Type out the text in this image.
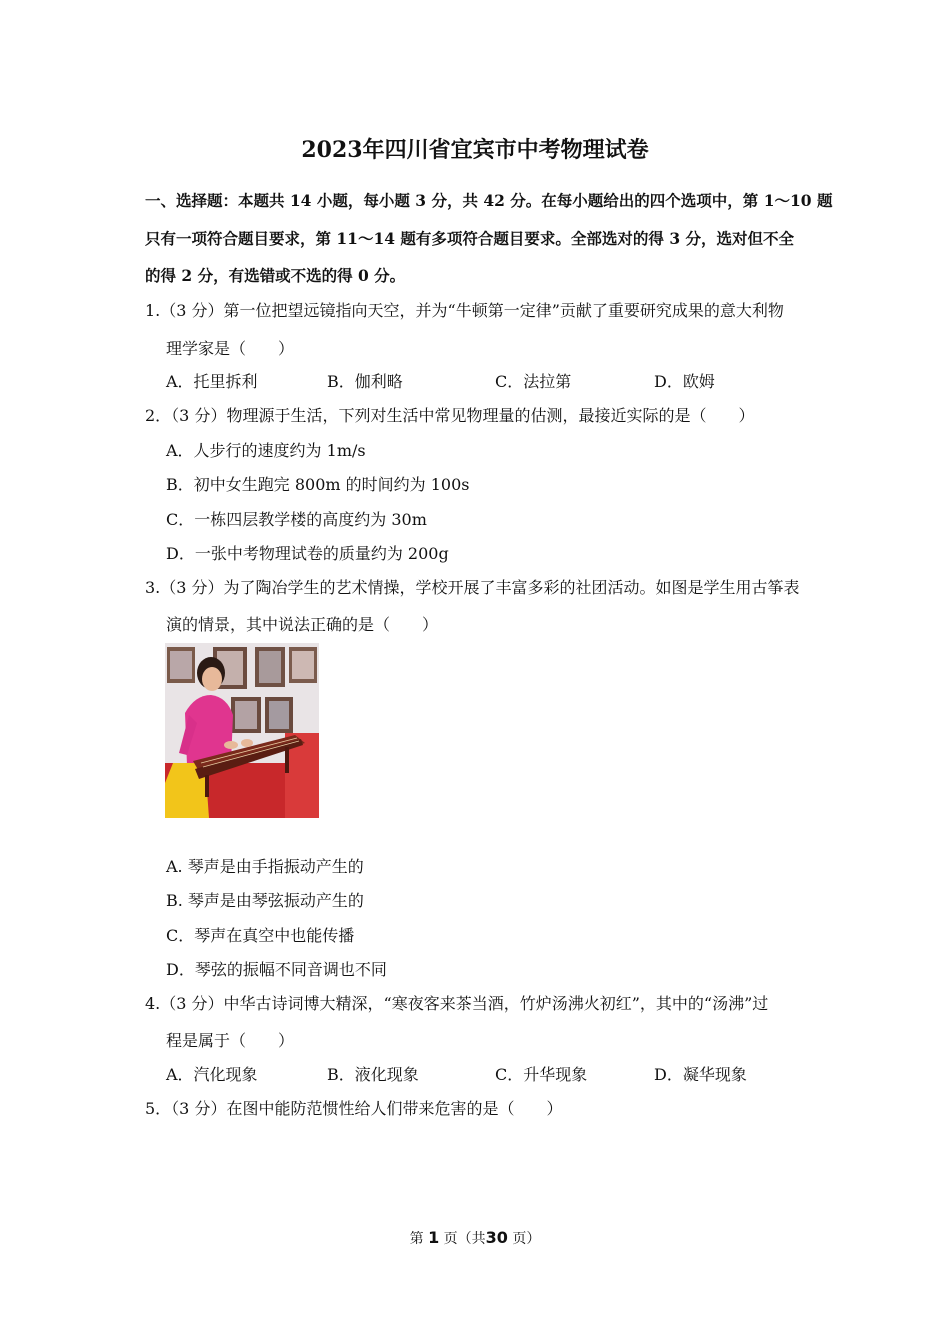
2023年四川省宜宾市中考物理试卷
一、选择题：本题共 14 小题，每小题 3 分，共 42 分。在每小题给出的四个选项中，第 1～10 题
只有一项符合题目要求，第 11～14 题有多项符合题目要求。全部选对的得 3 分，选对但不全
的得 2 分，有选错或不选的得 0 分。
1.（3 分）第一位把望远镜指向天空，并为“牛顿第一定律”贡献了重要研究成果的意大利物
理学家是（　　）
A．托里拆利	B．伽利略	C．法拉第	D．欧姆
2．（3 分）物理源于生活，下列对生活中常见物理量的估测，最接近实际的是（　　）
A．人步行的速度约为 1m/s
B．初中女生跑完 800m 的时间约为 100s
C．一栋四层教学楼的高度约为 30m
D．一张中考物理试卷的质量约为 200g
3.（3 分）为了陶冶学生的艺术情操，学校开展了丰富多彩的社团活动。如图是学生用古筝表
演的情景，其中说法正确的是（　　）
A. 琴声是由手指振动产生的
B. 琴声是由琴弦振动产生的
C．琴声在真空中也能传播
D．琴弦的振幅不同音调也不同
4.（3 分）中华古诗词博大精深，“寒夜客来茶当酒，竹炉汤沸火初红”，其中的“汤沸”过
程是属于（　　）
A．汽化现象	B．液化现象	C．升华现象	D．凝华现象
5．（3 分）在图中能防范惯性给人们带来危害的是（　　）
第 1 页（共30 页）
